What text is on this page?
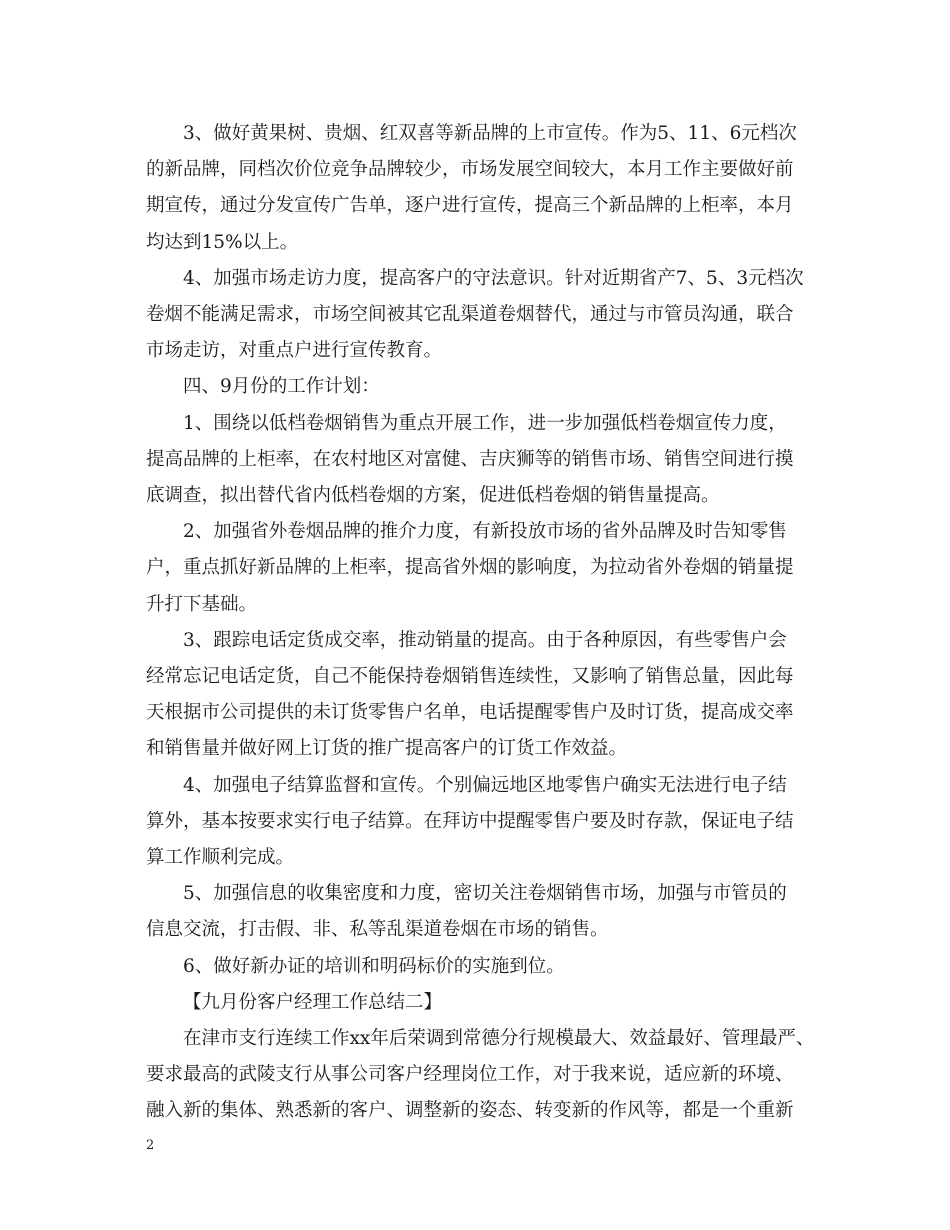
3、做好黄果树、贵烟、红双喜等新品牌的上市宣传。作为5、11、6元档次
的新品牌，同档次价位竞争品牌较少，市场发展空间较大，本月工作主要做好前
期宣传，通过分发宣传广告单，逐户进行宣传，提高三个新品牌的上柜率，本月
均达到15%以上。

4、加强市场走访力度，提高客户的守法意识。针对近期省产7、5、3元档次
卷烟不能满足需求，市场空间被其它乱渠道卷烟替代，通过与市管员沟通，联合
市场走访，对重点户进行宣传教育。

四、9月份的工作计划：

1、围绕以低档卷烟销售为重点开展工作，进一步加强低档卷烟宣传力度，
提高品牌的上柜率，在农村地区对富健、吉庆狮等的销售市场、销售空间进行摸
底调查，拟出替代省内低档卷烟的方案，促进低档卷烟的销售量提高。

2、加强省外卷烟品牌的推介力度，有新投放市场的省外品牌及时告知零售
户，重点抓好新品牌的上柜率，提高省外烟的影响度，为拉动省外卷烟的销量提
升打下基础。

3、跟踪电话定货成交率，推动销量的提高。由于各种原因，有些零售户会
经常忘记电话定货，自己不能保持卷烟销售连续性，又影响了销售总量，因此每
天根据市公司提供的未订货零售户名单，电话提醒零售户及时订货，提高成交率
和销售量并做好网上订货的推广提高客户的订货工作效益。

4、加强电子结算监督和宣传。个别偏远地区地零售户确实无法进行电子结
算外，基本按要求实行电子结算。在拜访中提醒零售户要及时存款，保证电子结
算工作顺利完成。

5、加强信息的收集密度和力度，密切关注卷烟销售市场，加强与市管员的
信息交流，打击假、非、私等乱渠道卷烟在市场的销售。

6、做好新办证的培训和明码标价的实施到位。

【九月份客户经理工作总结二】

在津市支行连续工作xx年后荣调到常德分行规模最大、效益最好、管理最严、
要求最高的武陵支行从事公司客户经理岗位工作，对于我来说，适应新的环境、
融入新的集体、熟悉新的客户、调整新的姿态、转变新的作风等，都是一个重新

2
